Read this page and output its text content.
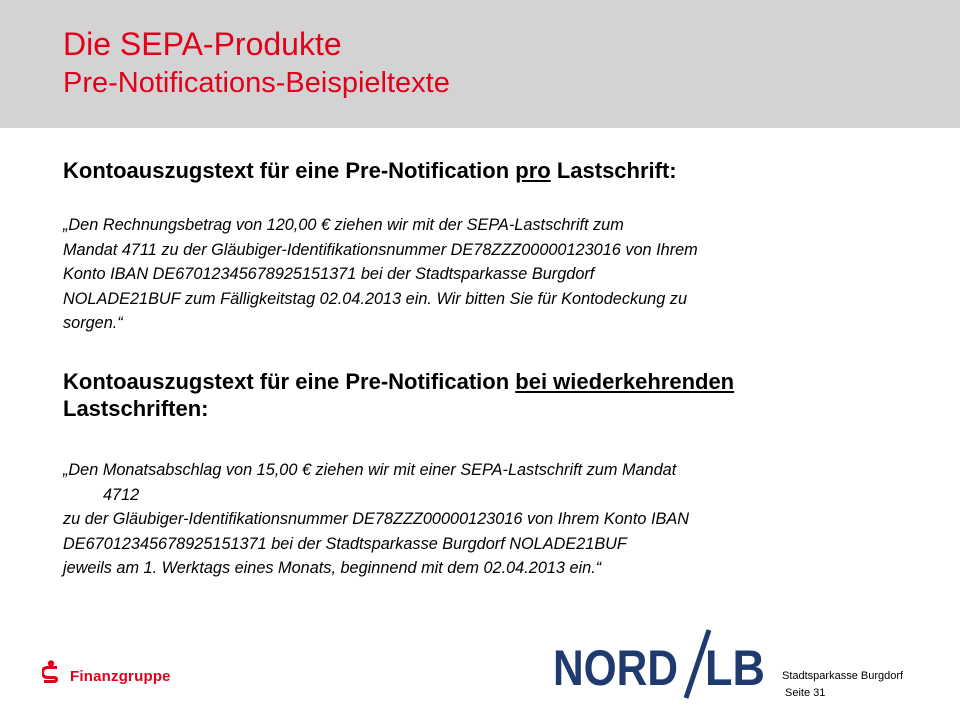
Die SEPA-Produkte
Pre-Notifications-Beispieltexte
Kontoauszugstext für eine Pre-Notification pro Lastschrift:
„Den Rechnungsbetrag von 120,00 € ziehen wir mit der SEPA-Lastschrift zum
Mandat 4711 zu der Gläubiger-Identifikationsnummer DE78ZZZ00000123016 von Ihrem
Konto IBAN DE67012345678925151371 bei der Stadtsparkasse Burgdorf
NOLADE21BUF zum Fälligkeitstag 02.04.2013 ein. Wir bitten Sie für Kontodeckung zu
sorgen.“
Kontoauszugstext für eine Pre-Notification bei wiederkehrenden
Lastschriften:
„Den Monatsabschlag von 15,00 € ziehen wir mit einer SEPA-Lastschrift zum Mandat
4712
zu der Gläubiger-Identifikationsnummer DE78ZZZ00000123016 von Ihrem Konto IBAN
DE67012345678925151371 bei der Stadtsparkasse Burgdorf NOLADE21BUF
jeweils am 1. Werktags eines Monats, beginnend mit dem 02.04.2013 ein.“
Finanzgruppe	NORD LB Stadtsparkasse Burgdorf
Seite 31
